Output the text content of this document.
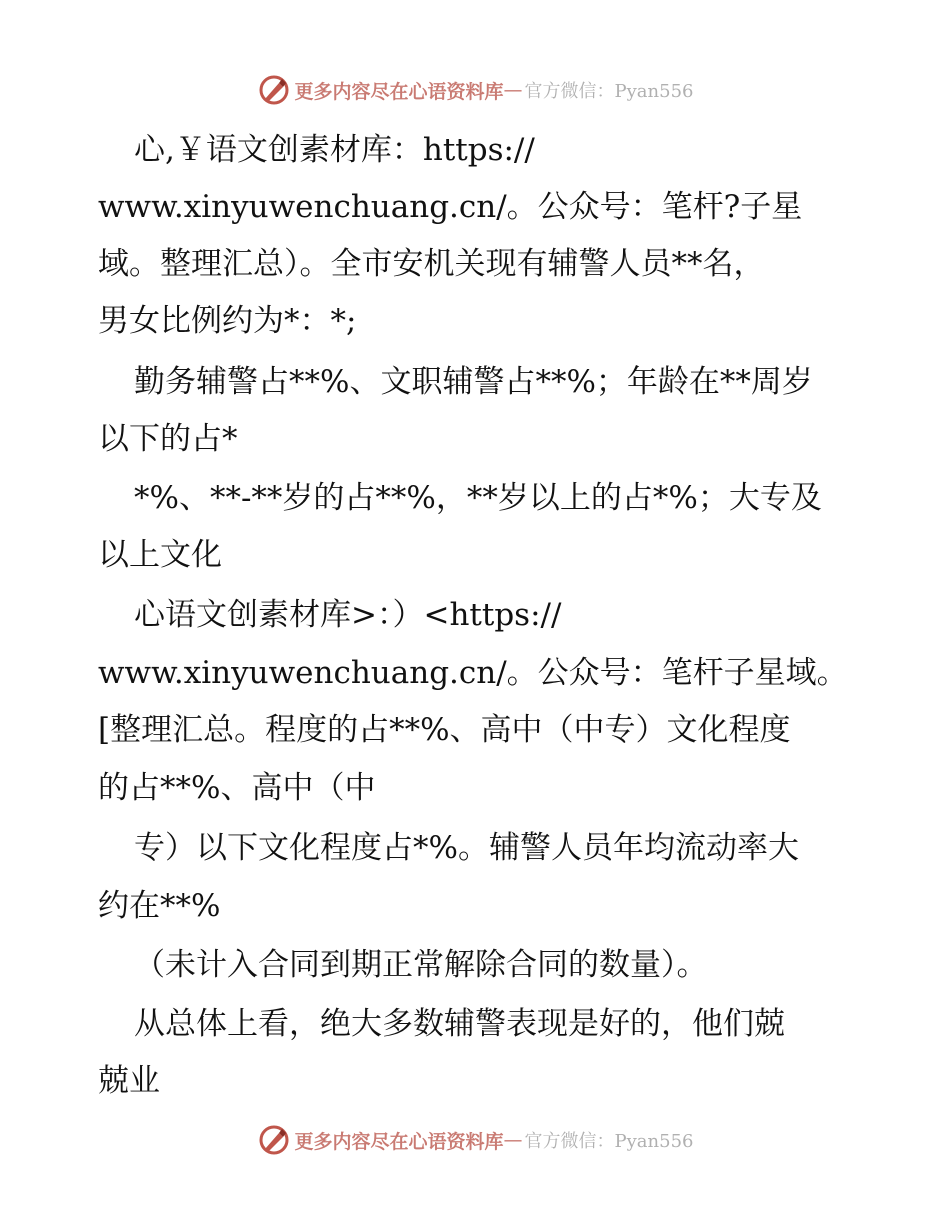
更多内容尽在心语资料库 — 官方微信：Pyan556
心,￥语文创素材库：https://
www.xinyuwenchuang.cn/。公众号：笔杆?子星
域。整理汇总）。全市安机关现有辅警人员**名，
男女比例约为*：*;
勤务辅警占**%、文职辅警占**%；年龄在**周岁
以下的占*
*%、**-**岁的占**%，**岁以上的占*%；大专及
以上文化
心语文创素材库>：）<https://
www.xinyuwenchuang.cn/。公众号：笔杆子星域。
[整理汇总。程度的占**%、高中（中专）文化程度
的占**%、高中（中
专）以下文化程度占*%。辅警人员年均流动率大
约在**%
（未计入合同到期正常解除合同的数量）。
从总体上看，绝大多数辅警表现是好的，他们兢
兢业
更多内容尽在心语资料库 — 官方微信：Pyan556
